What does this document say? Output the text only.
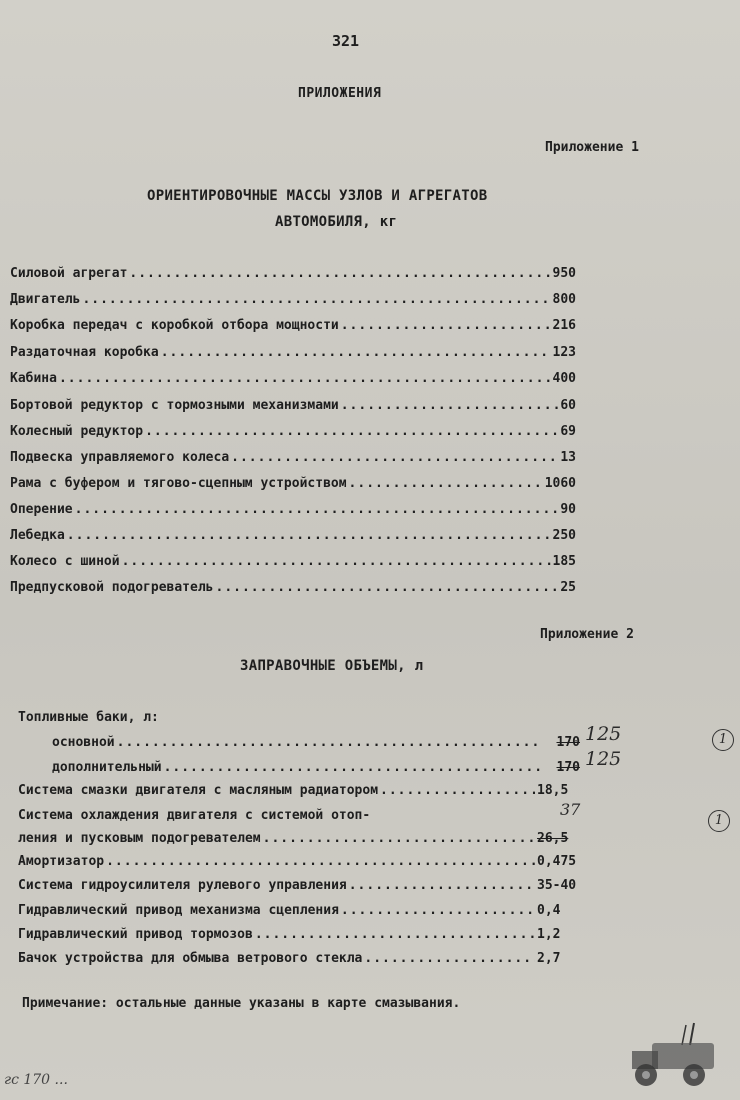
321
ПРИЛОЖЕНИЯ
Приложение 1
ОРИЕНТИРОВОЧНЫЕ МАССЫ УЗЛОВ И АГРЕГАТОВ
АВТОМОБИЛЯ, кг
Силовой агрегат .....	950
Двигатель .....	800
Коробка передач с коробкой отбора мощности .....	216
Раздаточная коробка .....	123
Кабина .....	400
Бортовой редуктор с тормозными механизмами .....	60
Колесный редуктор .....	69
Подвеска управляемого колеса .....	13
Рама с буфером и тягово-сцепным устройством .....	1060
Оперение .....	90
Лебедка .....	250
Колесо с шиной .....	185
Предпусковой подогреватель .....	25
Приложение 2
ЗАПРАВОЧНЫЕ ОБЪЕМЫ, л
Топливные баки, л:
основной .....	170 125
дополнительный .....	170 125
1
Система смазки двигателя с масляным радиатором .....	18,5
Система охлаждения двигателя с системой отоп-	37
1
ления и пусковым подогревателем .....	26,5
Амортизатор .....	0,475
Система гидроусилителя рулевого управления .....	35-40
Гидравлический привод механизма сцепления .....	0,4
Гидравлический привод тормозов .....	1,2
Бачок устройства для обмыва ветрового стекла .....	2,7
Примечание: остальные данные указаны в карте смазывания.
гс 170 ...
